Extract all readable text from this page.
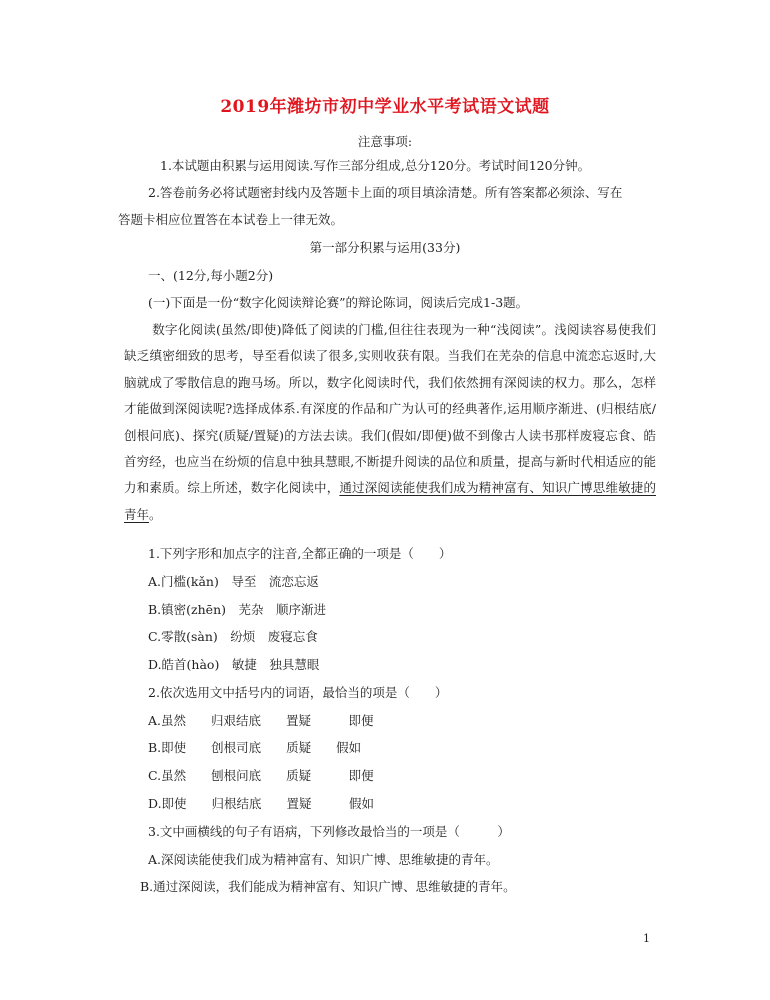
2019年潍坊市初中学业水平考试语文试题
注意事项:
1.本试题由积累与运用阅读.写作三部分组成,总分120分。考试时间120分钟。
2.答卷前务必将试题密封线内及答题卡上面的项目填涂清楚。所有答案都必须涂、写在
答题卡相应位置答在本试卷上一律无效。
第一部分积累与运用(33分)
一、(12分,每小题2分)
(一)下面是一份“数字化阅读辩论赛”的辩论陈词，阅读后完成1-3题。
数字化阅读(虽然/即使)降低了阅读的门槛,但往往表现为一种“浅阅读”。浅阅读容易使我们缺乏缜密细致的思考，导至看似读了很多,实则收获有限。当我们在芜杂的信息中流恋忘返时,大脑就成了零散信息的跑马场。所以，数字化阅读时代，我们依然拥有深阅读的权力。那么，怎样才能做到深阅读呢?选择成体系.有深度的作品和广为认可的经典著作,运用顺序渐进、(归根结底/创根问底)、探究(质疑/置疑)的方法去读。我们(假如/即便)做不到像古人读书那样废寝忘食、皓首穷经，也应当在纷烦的信息中独具慧眼,不断提升阅读的品位和质量，提高与新时代相适应的能力和素质。综上所述，数字化阅读中，通过深阅读能使我们成为精神富有、知识广博思维敏捷的青年。
1.下列字形和加点字的注音,全都正确的一项是（　　）
A.门槛(kǎn)　导至　流恋忘返
B.镇密(zhēn)　芜杂　顺序渐进
C.零散(sàn)　纷烦　废寝忘食
D.皓首(hào)　敏捷　独具慧眼
2.依次选用文中括号内的词语，最恰当的项是（　　）
A.虽然　　归艰结底　　置疑　　　即便
B.即使　　创根司底　　质疑　　假如
C.虽然　　刨根问底　　质疑　　　即便
D.即使　　归根结底　　置疑　　　假如
3.文中画横线的句子有语病，下列修改最恰当的一项是（　　　）
A.深阅读能使我们成为精神富有、知识广博、思维敏捷的青年。
B.通过深阅读，我们能成为精神富有、知识广博、思维敏捷的青年。
1
